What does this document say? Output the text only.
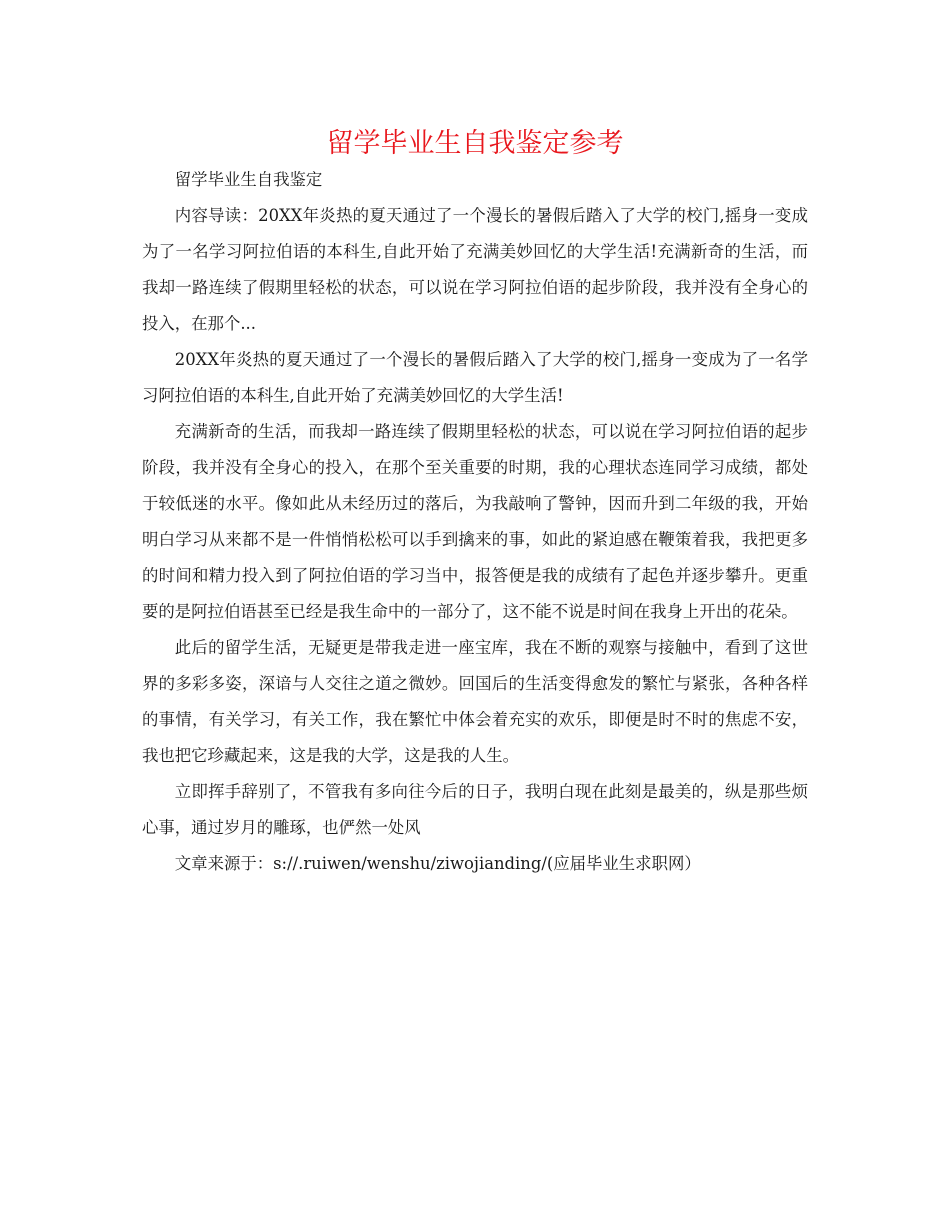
留学毕业生自我鉴定参考

留学毕业生自我鉴定

内容导读：20XX年炎热的夏天通过了一个漫长的暑假后踏入了大学的校门,摇身一变成为了一名学习阿拉伯语的本科生,自此开始了充满美妙回忆的大学生活!充满新奇的生活，而我却一路连续了假期里轻松的状态，可以说在学习阿拉伯语的起步阶段，我并没有全身心的投入，在那个...

20XX年炎热的夏天通过了一个漫长的暑假后踏入了大学的校门,摇身一变成为了一名学习阿拉伯语的本科生,自此开始了充满美妙回忆的大学生活!

充满新奇的生活，而我却一路连续了假期里轻松的状态，可以说在学习阿拉伯语的起步阶段，我并没有全身心的投入，在那个至关重要的时期，我的心理状态连同学习成绩，都处于较低迷的水平。像如此从未经历过的落后，为我敲响了警钟，因而升到二年级的我，开始明白学习从来都不是一件悄悄松松可以手到擒来的事，如此的紧迫感在鞭策着我，我把更多的时间和精力投入到了阿拉伯语的学习当中，报答便是我的成绩有了起色并逐步攀升。更重要的是阿拉伯语甚至已经是我生命中的一部分了，这不能不说是时间在我身上开出的花朵。

此后的留学生活，无疑更是带我走进一座宝库，我在不断的观察与接触中，看到了这世界的多彩多姿，深谙与人交往之道之微妙。回国后的生活变得愈发的繁忙与紧张，各种各样的事情，有关学习，有关工作，我在繁忙中体会着充实的欢乐，即便是时不时的焦虑不安，我也把它珍藏起来，这是我的大学，这是我的人生。

立即挥手辞别了，不管我有多向往今后的日子，我明白现在此刻是最美的，纵是那些烦心事，通过岁月的雕琢，也俨然一处风

文章来源于：s://.ruiwen/wenshu/ziwojianding/(应届毕业生求职网）
